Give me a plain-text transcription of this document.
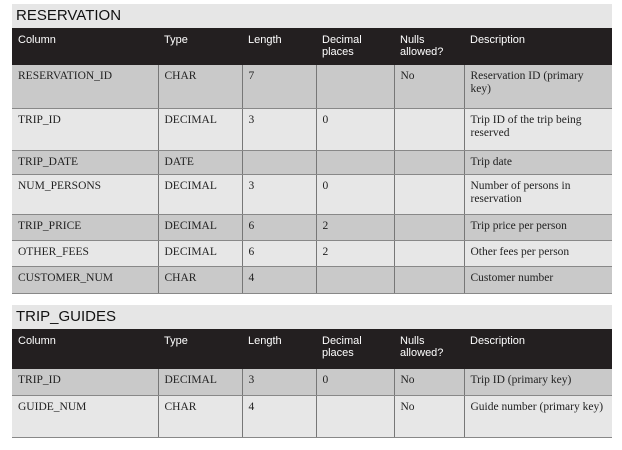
RESERVATION
Column	Type	Length	Decimal places	Nulls allowed?	Description
RESERVATION_ID	CHAR	7		No	Reservation ID (primary key)
TRIP_ID	DECIMAL	3	0		Trip ID of the trip being reserved
TRIP_DATE	DATE				Trip date
NUM_PERSONS	DECIMAL	3	0		Number of persons in reservation
TRIP_PRICE	DECIMAL	6	2		Trip price per person
OTHER_FEES	DECIMAL	6	2		Other fees per person
CUSTOMER_NUM	CHAR	4			Customer number
TRIP_GUIDES
Column	Type	Length	Decimal places	Nulls allowed?	Description
TRIP_ID	DECIMAL	3	0	No	Trip ID (primary key)
GUIDE_NUM	CHAR	4		No	Guide number (primary key)
